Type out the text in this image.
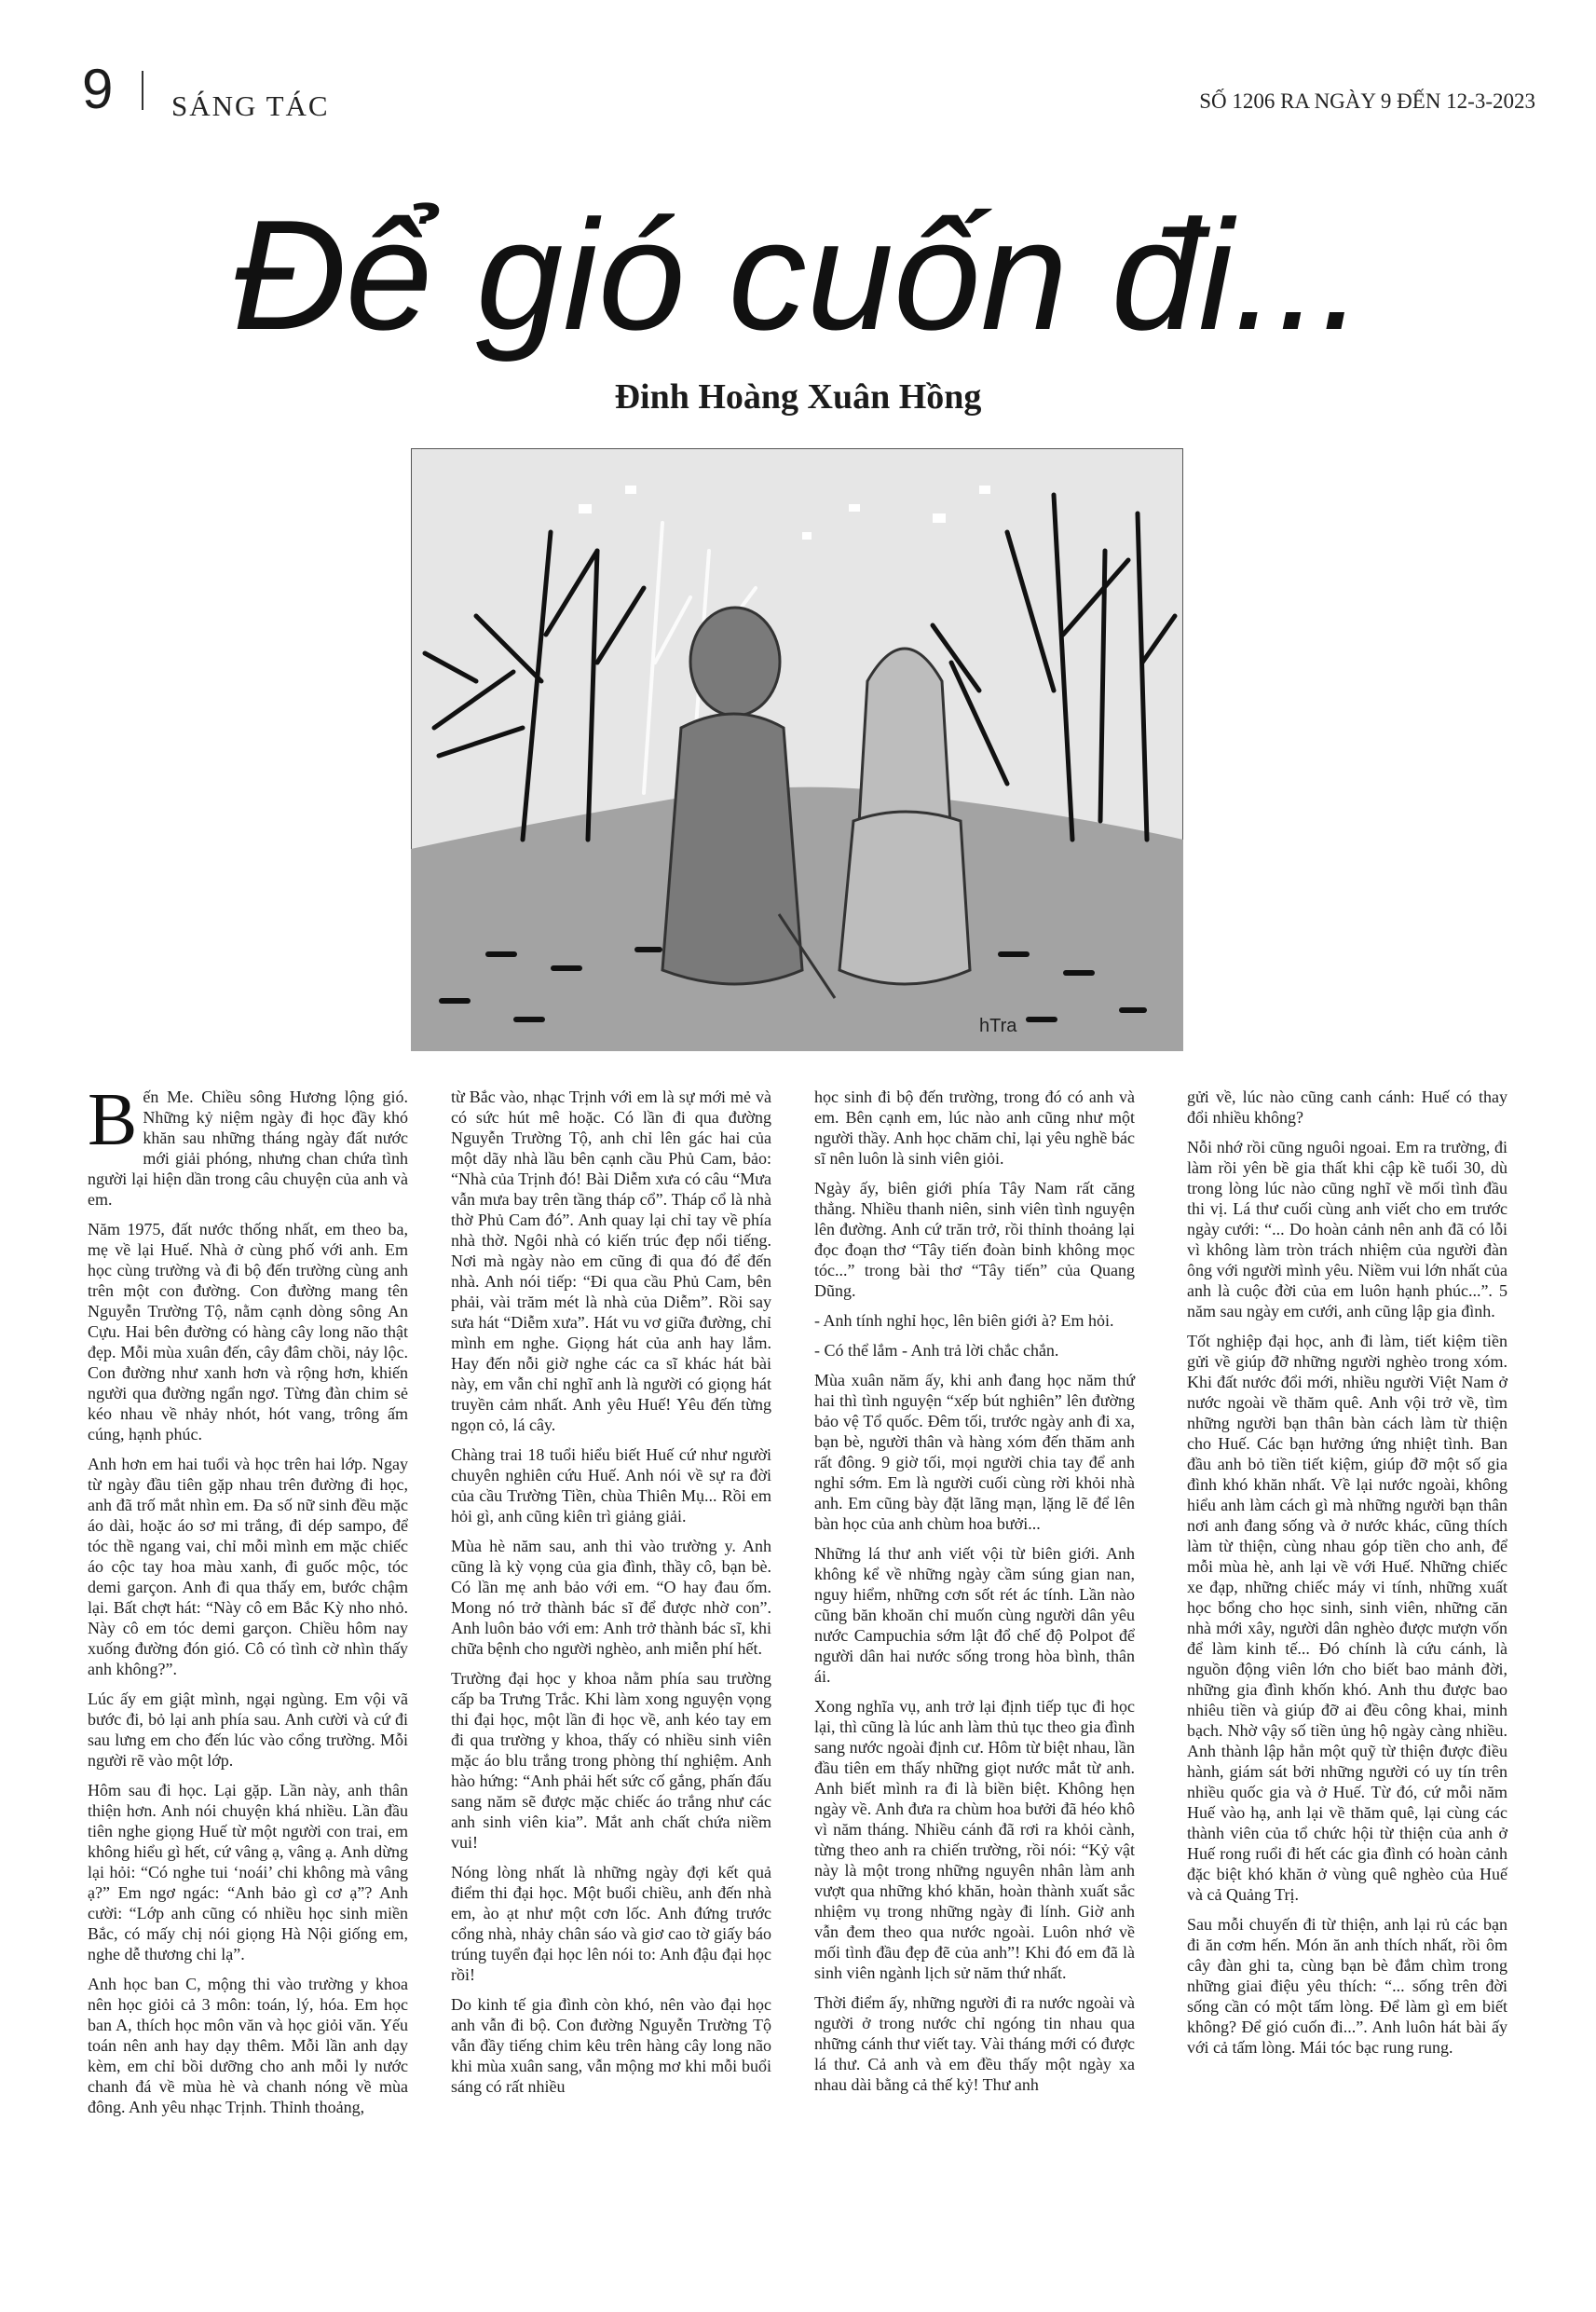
9 SÁNG TÁC	SỐ 1206 RA NGÀY 9 ĐẾN 12-3-2023
Để gió cuốn đi...
Đinh Hoàng Xuân Hồng
hTra

B ến Me. Chiều sông Hương lộng gió. Những kỷ niệm ngày đi học đầy khó khăn sau những tháng ngày đất nước mới giải phóng, nhưng chan chứa tình người lại hiện dần trong câu chuyện của anh và em.

Năm 1975, đất nước thống nhất, em theo ba, mẹ về lại Huế. Nhà ở cùng phố với anh. Em học cùng trường và đi bộ đến trường cùng anh trên một con đường. Con đường mang tên Nguyễn Trường Tộ, nằm cạnh dòng sông An Cựu. Hai bên đường có hàng cây long não thật đẹp. Mỗi mùa xuân đến, cây đâm chồi, nảy lộc. Con đường như xanh hơn và rộng hơn, khiến người qua đường ngẩn ngơ. Từng đàn chim sẻ kéo nhau về nhảy nhót, hót vang, trông ấm cúng, hạnh phúc.

Anh hơn em hai tuổi và học trên hai lớp. Ngay từ ngày đầu tiên gặp nhau trên đường đi học, anh đã trố mắt nhìn em. Đa số nữ sinh đều mặc áo dài, hoặc áo sơ mi trắng, đi dép sampo, để tóc thề ngang vai, chỉ mỗi mình em mặc chiếc áo cộc tay hoa màu xanh, đi guốc mộc, tóc demi garçon. Anh đi qua thấy em, bước chậm lại. Bất chợt hát: “Này cô em Bắc Kỳ nho nhỏ. Này cô em tóc demi garçon. Chiều hôm nay xuống đường đón gió. Cô có tình cờ nhìn thấy anh không?”.

Lúc ấy em giật mình, ngại ngùng. Em vội vã bước đi, bỏ lại anh phía sau. Anh cười và cứ đi sau lưng em cho đến lúc vào cổng trường. Mỗi người rẽ vào một lớp.

Hôm sau đi học. Lại gặp. Lần này, anh thân thiện hơn. Anh nói chuyện khá nhiều. Lần đầu tiên nghe giọng Huế từ một người con trai, em không hiểu gì hết, cứ vâng ạ, vâng ạ. Anh dừng lại hỏi: “Có nghe tui ‘noái’ chi không mà vâng ạ?” Em ngơ ngác: “Anh bảo gì cơ ạ”? Anh cười: “Lớp anh cũng có nhiều học sinh miền Bắc, có mấy chị nói giọng Hà Nội giống em, nghe dễ thương chi lạ”.

Anh học ban C, mộng thi vào trường y khoa nên học giỏi cả 3 môn: toán, lý, hóa. Em học ban A, thích học môn văn và học giỏi văn. Yếu toán nên anh hay dạy thêm. Mỗi lần anh dạy kèm, em chỉ bồi dưỡng cho anh mỗi ly nước chanh đá về mùa hè và chanh nóng về mùa đông. Anh yêu nhạc Trịnh. Thỉnh thoảng,

từ Bắc vào, nhạc Trịnh với em là sự mới mẻ và có sức hút mê hoặc. Có lần đi qua đường Nguyễn Trường Tộ, anh chỉ lên gác hai của một dãy nhà lầu bên cạnh cầu Phủ Cam, bảo: “Nhà của Trịnh đó! Bài Diễm xưa có câu “Mưa vẫn mưa bay trên tầng tháp cổ”. Tháp cổ là nhà thờ Phủ Cam đó”. Anh quay lại chỉ tay về phía nhà thờ. Ngôi nhà có kiến trúc đẹp nổi tiếng. Nơi mà ngày nào em cũng đi qua đó để đến nhà. Anh nói tiếp: “Đi qua cầu Phủ Cam, bên phải, vài trăm mét là nhà của Diễm”. Rồi say sưa hát “Diễm xưa”. Hát vu vơ giữa đường, chỉ mình em nghe. Giọng hát của anh hay lắm. Hay đến nỗi giờ nghe các ca sĩ khác hát bài này, em vẫn chỉ nghĩ anh là người có giọng hát truyền cảm nhất. Anh yêu Huế! Yêu đến từng ngọn cỏ, lá cây.

Chàng trai 18 tuổi hiểu biết Huế cứ như người chuyên nghiên cứu Huế. Anh nói về sự ra đời của cầu Trường Tiền, chùa Thiên Mụ... Rồi em hỏi gì, anh cũng kiên trì giảng giải.

Mùa hè năm sau, anh thi vào trường y. Anh cũng là kỳ vọng của gia đình, thầy cô, bạn bè. Có lần mẹ anh bảo với em. “O hay đau ốm. Mong nó trở thành bác sĩ để được nhờ con”. Anh luôn bảo với em: Anh trở thành bác sĩ, khi chữa bệnh cho người nghèo, anh miễn phí hết.

Trường đại học y khoa nằm phía sau trường cấp ba Trưng Trắc. Khi làm xong nguyện vọng thi đại học, một lần đi học về, anh kéo tay em đi qua trường y khoa, thấy có nhiều sinh viên mặc áo blu trắng trong phòng thí nghiệm. Anh hào hứng: “Anh phải hết sức cố gắng, phấn đấu sang năm sẽ được mặc chiếc áo trắng như các anh sinh viên kia”. Mắt anh chất chứa niềm vui!

Nóng lòng nhất là những ngày đợi kết quả điểm thi đại học. Một buổi chiều, anh đến nhà em, ào ạt như một cơn lốc. Anh đứng trước cổng nhà, nhảy chân sáo và giơ cao tờ giấy báo trúng tuyển đại học lên nói to: Anh đậu đại học rồi!

Do kinh tế gia đình còn khó, nên vào đại học anh vẫn đi bộ. Con đường Nguyễn Trường Tộ vẫn đầy tiếng chim kêu trên hàng cây long não khi mùa xuân sang, vẫn mộng mơ khi mỗi buổi sáng có rất nhiều

học sinh đi bộ đến trường, trong đó có anh và em. Bên cạnh em, lúc nào anh cũng như một người thầy. Anh học chăm chỉ, lại yêu nghề bác sĩ nên luôn là sinh viên giỏi.

Ngày ấy, biên giới phía Tây Nam rất căng thẳng. Nhiều thanh niên, sinh viên tình nguyện lên đường. Anh cứ trăn trở, rồi thỉnh thoảng lại đọc đoạn thơ “Tây tiến đoàn binh không mọc tóc...” trong bài thơ “Tây tiến” của Quang Dũng.

- Anh tính nghỉ học, lên biên giới à? Em hỏi.

- Có thể lắm - Anh trả lời chắc chắn.

Mùa xuân năm ấy, khi anh đang học năm thứ hai thì tình nguyện “xếp bút nghiên” lên đường bảo vệ Tổ quốc. Đêm tối, trước ngày anh đi xa, bạn bè, người thân và hàng xóm đến thăm anh rất đông. 9 giờ tối, mọi người chia tay để anh nghỉ sớm. Em là người cuối cùng rời khỏi nhà anh. Em cũng bày đặt lãng mạn, lặng lẽ để lên bàn học của anh chùm hoa bưởi...

Những lá thư anh viết vội từ biên giới. Anh không kể về những ngày cầm súng gian nan, nguy hiểm, những cơn sốt rét ác tính. Lần nào cũng băn khoăn chỉ muốn cùng người dân yêu nước Campuchia sớm lật đổ chế độ Polpot để người dân hai nước sống trong hòa bình, thân ái.

Xong nghĩa vụ, anh trở lại định tiếp tục đi học lại, thì cũng là lúc anh làm thủ tục theo gia đình sang nước ngoài định cư. Hôm từ biệt nhau, lần đầu tiên em thấy những giọt nước mắt từ anh. Anh biết mình ra đi là biền biệt. Không hẹn ngày về. Anh đưa ra chùm hoa bưởi đã héo khô vì năm tháng. Nhiều cánh đã rơi ra khỏi cành, từng theo anh ra chiến trường, rồi nói: “Kỷ vật này là một trong những nguyên nhân làm anh vượt qua những khó khăn, hoàn thành xuất sắc nhiệm vụ trong những ngày đi lính. Giờ anh vẫn đem theo qua nước ngoài. Luôn nhớ về mối tình đầu đẹp đẽ của anh”! Khi đó em đã là sinh viên ngành lịch sử năm thứ nhất.

Thời điểm ấy, những người đi ra nước ngoài và người ở trong nước chỉ ngóng tin nhau qua những cánh thư viết tay. Vài tháng mới có được lá thư. Cả anh và em đều thấy một ngày xa nhau dài bằng cả thế kỷ! Thư anh

gửi về, lúc nào cũng canh cánh: Huế có thay đổi nhiều không?

Nỗi nhớ rồi cũng nguôi ngoai. Em ra trường, đi làm rồi yên bề gia thất khi cập kề tuổi 30, dù trong lòng lúc nào cũng nghĩ về mối tình đầu thi vị. Lá thư cuối cùng anh viết cho em trước ngày cưới: “... Do hoàn cảnh nên anh đã có lỗi vì không làm tròn trách nhiệm của người đàn ông với người mình yêu. Niềm vui lớn nhất của anh là cuộc đời của em luôn hạnh phúc...”. 5 năm sau ngày em cưới, anh cũng lập gia đình.

Tốt nghiệp đại học, anh đi làm, tiết kiệm tiền gửi về giúp đỡ những người nghèo trong xóm. Khi đất nước đổi mới, nhiều người Việt Nam ở nước ngoài về thăm quê. Anh vội trở về, tìm những người bạn thân bàn cách làm từ thiện cho Huế. Các bạn hưởng ứng nhiệt tình. Ban đầu anh bỏ tiền tiết kiệm, giúp đỡ một số gia đình khó khăn nhất. Về lại nước ngoài, không hiểu anh làm cách gì mà những người bạn thân nơi anh đang sống và ở nước khác, cũng thích làm từ thiện, cùng nhau góp tiền cho anh, để mỗi mùa hè, anh lại về với Huế. Những chiếc xe đạp, những chiếc máy vi tính, những xuất học bổng cho học sinh, sinh viên, những căn nhà mới xây, người dân nghèo được mượn vốn để làm kinh tế... Đó chính là cứu cánh, là nguồn động viên lớn cho biết bao mảnh đời, những gia đình khốn khó. Anh thu được bao nhiêu tiền và giúp đỡ ai đều công khai, minh bạch. Nhờ vậy số tiền ủng hộ ngày càng nhiều. Anh thành lập hẳn một quỹ từ thiện được điều hành, giám sát bởi những người có uy tín trên nhiều quốc gia và ở Huế. Từ đó, cứ mỗi năm Huế vào hạ, anh lại về thăm quê, lại cùng các thành viên của tổ chức hội từ thiện của anh ở Huế rong ruổi đi hết các gia đình có hoàn cảnh đặc biệt khó khăn ở vùng quê nghèo của Huế và cả Quảng Trị.

Sau mỗi chuyến đi từ thiện, anh lại rủ các bạn đi ăn cơm hến. Món ăn anh thích nhất, rồi ôm cây đàn ghi ta, cùng bạn bè đắm chìm trong những giai điệu yêu thích: “... sống trên đời sống cần có một tấm lòng. Để làm gì em biết không? Để gió cuốn đi...”. Anh luôn hát bài ấy với cả tấm lòng. Mái tóc bạc rung rung.
